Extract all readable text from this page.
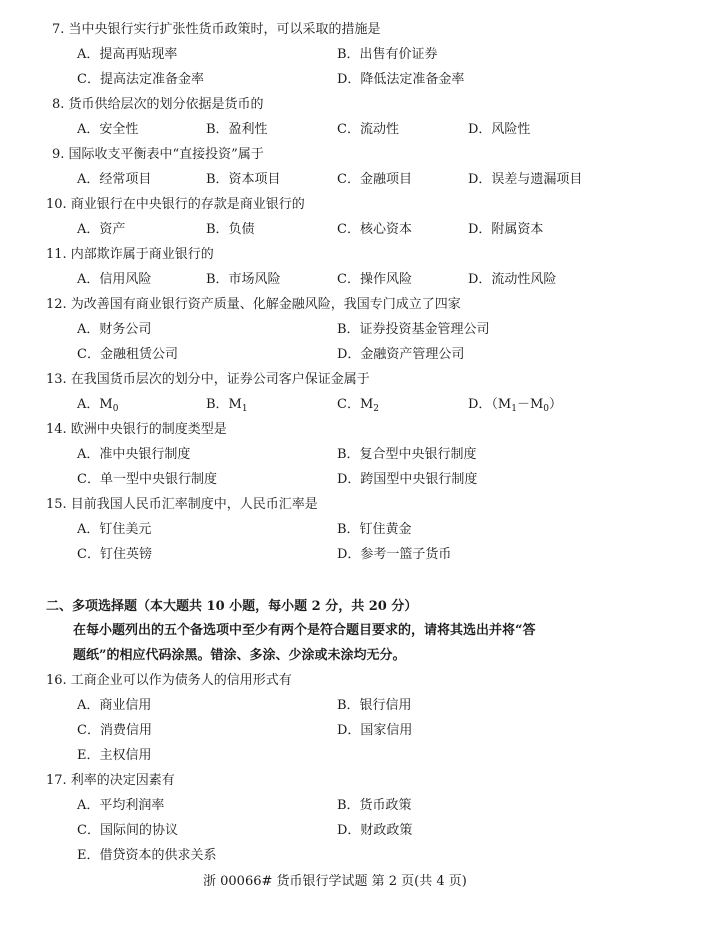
7. 当中央银行实行扩张性货币政策时，可以采取的措施是
A．提高再贴现率	B．出售有价证券
C．提高法定准备金率	D．降低法定准备金率
8. 货币供给层次的划分依据是货币的
A．安全性	B．盈利性	C．流动性	D．风险性
9. 国际收支平衡表中“直接投资”属于
A．经常项目	B．资本项目	C．金融项目	D．误差与遗漏项目
10. 商业银行在中央银行的存款是商业银行的
A．资产	B．负债	C．核心资本	D．附属资本
11. 内部欺诈属于商业银行的
A．信用风险	B．市场风险	C．操作风险	D．流动性风险
12. 为改善国有商业银行资产质量、化解金融风险，我国专门成立了四家
A．财务公司	B．证券投资基金管理公司
C．金融租赁公司	D．金融资产管理公司
13. 在我国货币层次的划分中，证券公司客户保证金属于
A．$M_0$	B．$M_1$	C．$M_2$	D．$(M_1-M_0)$
14. 欧洲中央银行的制度类型是
A．准中央银行制度	B．复合型中央银行制度
C．单一型中央银行制度	D．跨国型中央银行制度
15. 目前我国人民币汇率制度中，人民币汇率是
A．钉住美元	B．钉住黄金
C．钉住英镑	D．参考一篮子货币
二、多项选择题（本大题共 10 小题，每小题 2 分，共 20 分）
在每小题列出的五个备选项中至少有两个是符合题目要求的，请将其选出并将“答
题纸”的相应代码涂黑。错涂、多涂、少涂或未涂均无分。
16. 工商企业可以作为债务人的信用形式有
A．商业信用	B．银行信用
C．消费信用	D．国家信用
E．主权信用
17. 利率的决定因素有
A．平均利润率	B．货币政策
C．国际间的协议	D．财政政策
E．借贷资本的供求关系
浙 00066# 货币银行学试题 第 2 页(共 4 页)
